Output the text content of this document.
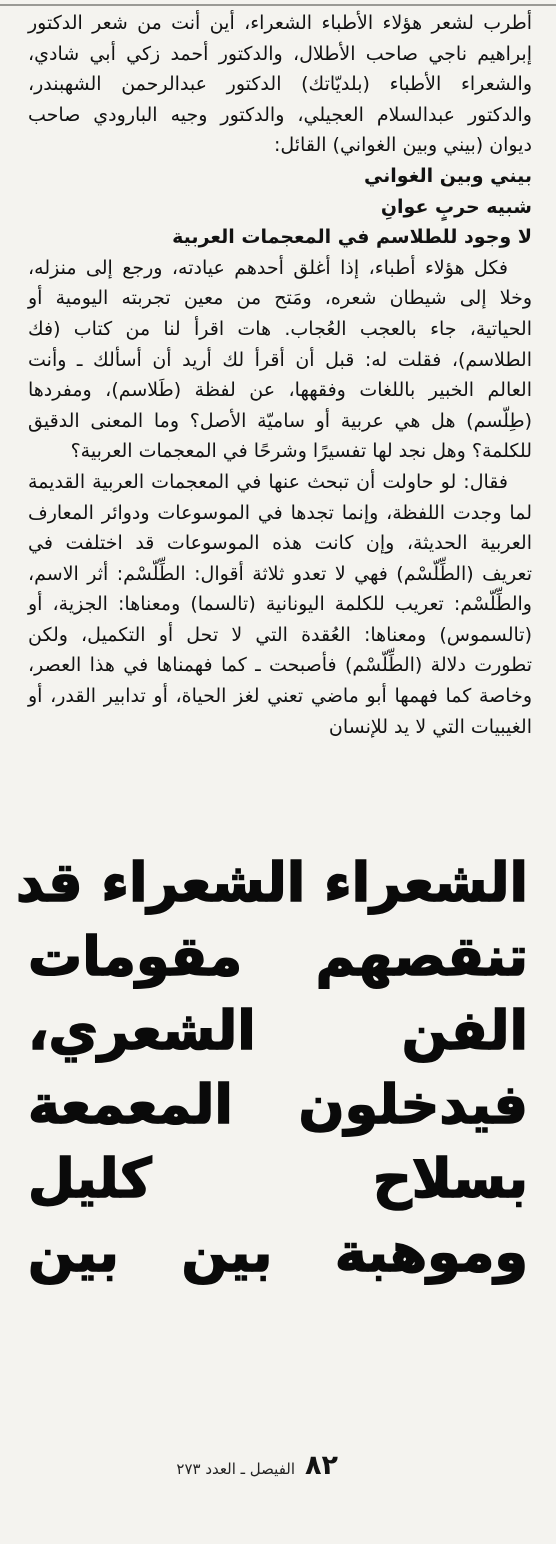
أطرب لشعر هؤلاء الأطباء الشعراء، أين أنت من شعر الدكتور إبراهيم ناجي صاحب الأطلال، والدكتور أحمد زكي أبي شادي، والشعراء الأطباء (بلديّاتك) الدكتور عبدالرحمن الشهبندر، والدكتور عبدالسلام العجيلي، والدكتور وجيه البارودي صاحب ديوان (بيني وبين الغواني) القائل:

بيني وبين الغواني

شبيه حربٍ عوانِ

لا وجود للطلاسم في المعجمات العربية

فكل هؤلاء أطباء، إذا أغلق أحدهم عيادته، ورجع إلى منزله، وخلا إلى شيطان شعره، ومَتح من معين تجربته اليومية أو الحياتية، جاء بالعجب العُجاب. هات اقرأ لنا من كتاب (فك الطلاسم)، فقلت له: قبل أن أقرأ لك أريد أن أسألك ـ وأنت العالم الخبير باللغات وفقهها، عن لفظة (طَلاسم)، ومفردها (طِلّسم) هل هي عربية أو ساميّة الأصل؟ وما المعنى الدقيق للكلمة؟ وهل نجد لها تفسيرًا وشرحًا في المعجمات العربية؟

فقال: لو حاولت أن تبحث عنها في المعجمات العربية القديمة لما وجدت اللفظة، وإنما تجدها في الموسوعات ودوائر المعارف العربية الحديثة، وإن كانت هذه الموسوعات قد اختلفت في تعريف (الطِّلّسْم) فهي لا تعدو ثلاثة أقوال: الطِّلّسْم: أثر الاسم، والطِّلّسْم: تعريب للكلمة اليونانية (تالسما) ومعناها: الجزية، أو (تالسموس) ومعناها: العُقدة التي لا تحل أو التكميل، ولكن تطورت دلالة (الطِّلّسْم) فأصبحت ـ كما فهمناها في هذا العصر، وخاصة كما فهمها أبو ماضي تعني لغز الحياة، أو تدابير القدر، أو الغيبيات التي لا يد للإنسان

الشعراء الشعراء قد
تنقصهم مقومات
الفن الشعري،
فيدخلون المعمعة
بسلاح كليل
وموهبة بين بين
٨٢
الفيصل ـ العدد ٢٧٣
